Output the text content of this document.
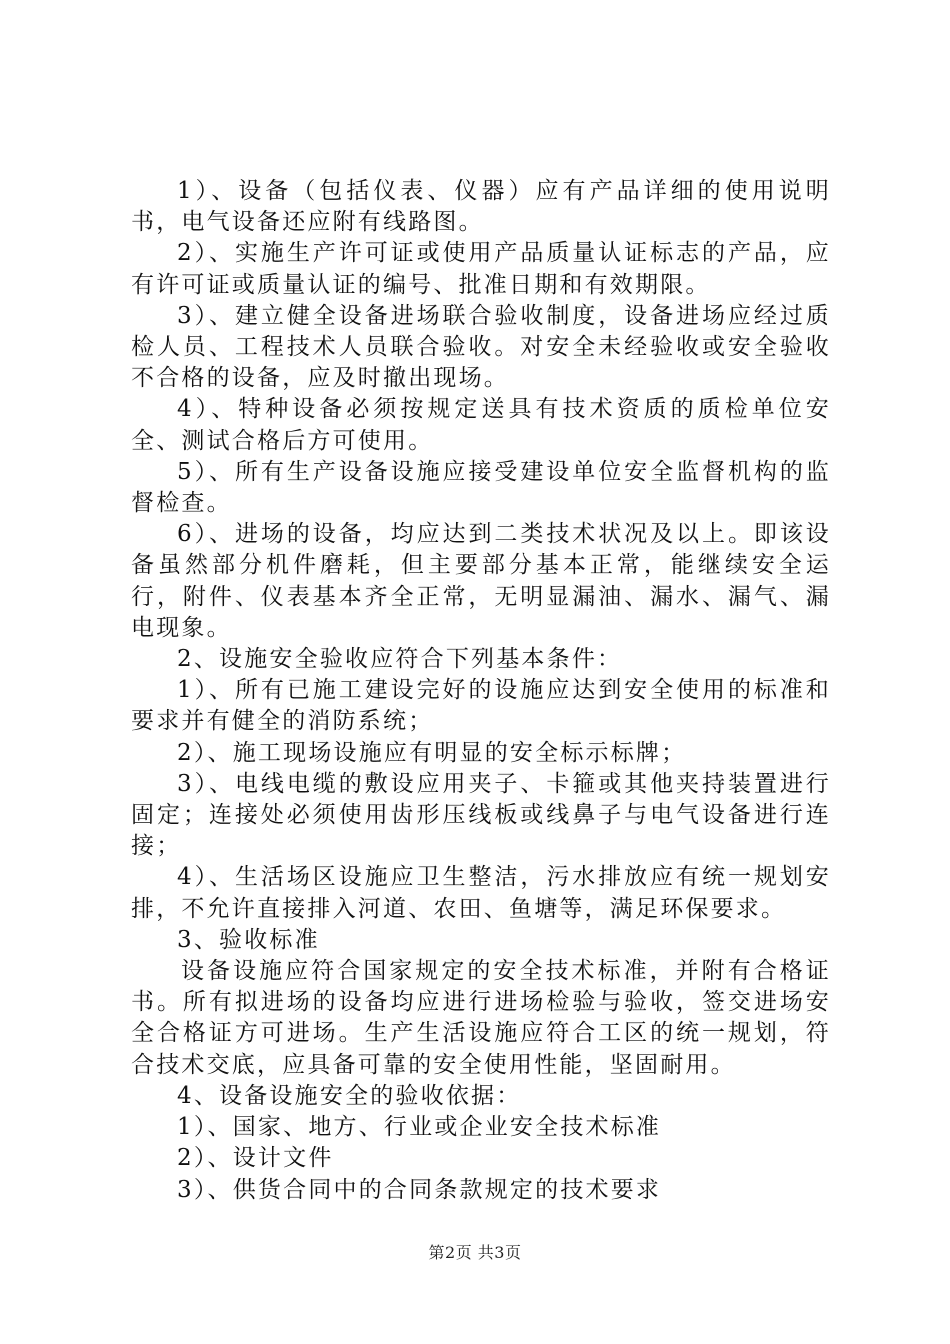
1）、设备（包括仪表、仪器）应有产品详细的使用说明书，电气设备还应附有线路图。

2）、实施生产许可证或使用产品质量认证标志的产品，应有许可证或质量认证的编号、批准日期和有效期限。

3）、建立健全设备进场联合验收制度，设备进场应经过质检人员、工程技术人员联合验收。对安全未经验收或安全验收不合格的设备，应及时撤出现场。

4）、特种设备必须按规定送具有技术资质的质检单位安全、测试合格后方可使用。

5）、所有生产设备设施应接受建设单位安全监督机构的监督检查。

6）、进场的设备，均应达到二类技术状况及以上。即该设备虽然部分机件磨耗，但主要部分基本正常，能继续安全运行，附件、仪表基本齐全正常，无明显漏油、漏水、漏气、漏电现象。

2、设施安全验收应符合下列基本条件：

1）、所有已施工建设完好的设施应达到安全使用的标准和要求并有健全的消防系统；

2）、施工现场设施应有明显的安全标示标牌；

3）、电线电缆的敷设应用夹子、卡箍或其他夹持装置进行固定；连接处必须使用齿形压线板或线鼻子与电气设备进行连接；

4）、生活场区设施应卫生整洁，污水排放应有统一规划安排，不允许直接排入河道、农田、鱼塘等，满足环保要求。

3、验收标准

设备设施应符合国家规定的安全技术标准，并附有合格证书。所有拟进场的设备均应进行进场检验与验收，签交进场安全合格证方可进场。生产生活设施应符合工区的统一规划，符合技术交底，应具备可靠的安全使用性能，坚固耐用。

4、设备设施安全的验收依据：

1）、国家、地方、行业或企业安全技术标准

2）、设计文件

3）、供货合同中的合同条款规定的技术要求

第2页 共3页
